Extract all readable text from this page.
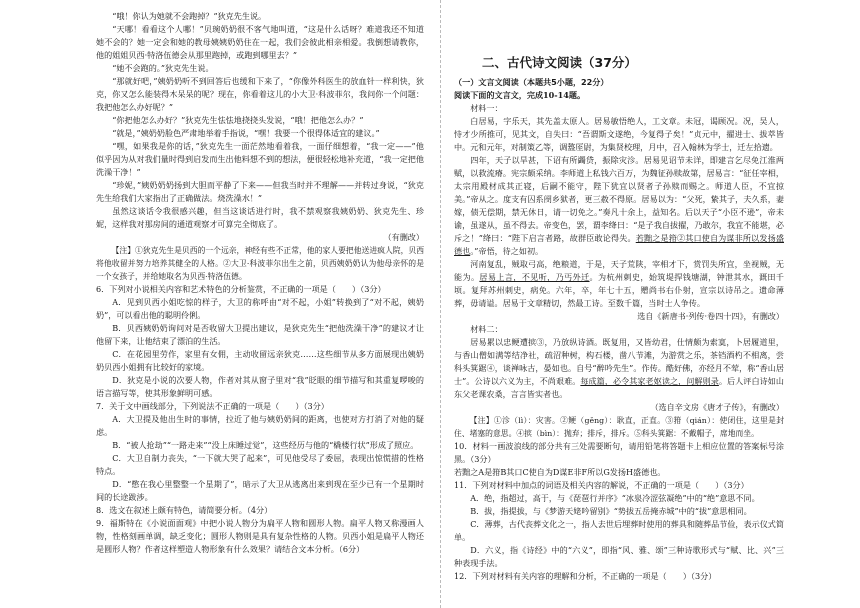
“哦！你认为她就不会跑掉？”狄克先生说。

“天哪！看看这个人哪！”贝琬奶奶很不客气地叫道，“这是什么话呀？难道我还不知道她不会的？她一定会和她的教母姨姨奶奶住在一起，我们会彼此相亲相爱。我倒想请教你，他的姐姐贝西·特洛伍德会从那里跑掉，或跑到哪里去？”

“她不会跑的。”狄克先生说。

“那就好吧，”姨奶奶听不到回答后也缓和下来了，“你像外科医生的放血针一样利快，狄克，你又怎么能装得木呆呆的呢？现在，你看着这儿的小大卫·科波菲尔，我问你一个问题：我把他怎么办好呢？”

“你把他怎么办好？”狄克先生怯怯地挠挠头发说，“哦！把他怎么办？”

“就是，”姨奶奶脸色严肃地举着手指说，“嘿！我要一个很得体适宜的建议。”

“嘿，如果我是你的话，”狄克先生一面茫然地看着我，一面仔细想着，“我一定——”他似乎因为从对我们量时得到启发而生出他料想不到的想法，便很轻松地补充道，“我一定把他洗澡干净！”

“珍妮，”姨奶奶奶扬到大胆而平静了下来——但我当时并不理解——并转过身说，“狄克先生给我们大家指出了正确做法。烧洗澡水！”

虽然这谈话令我很感兴趣，但当这谈话进行时，我不禁观察我姨奶奶、狄克先生、珍妮，这样我对那房间的通道观察才可算完全彻底了。

（有删改）

【注】①狄克先生是贝西的一个远亲，神经有些不正常，他的家人要把他送进疯人院，贝西将他收留并努力培养其健全的人格。②大卫·科波菲尔出生之前，贝西姨奶奶认为他母亲怀的是一个女孩子，并给她取名为贝西·特洛伍德。

6．下列对小说相关内容和艺术特色的分析鉴赏，不正确的一项是（　　）（3分）

A．见到贝西小姐吃惊的样子，大卫的称呼由“对不起，小姐”转换到了“对不起，姨奶奶”，可以看出他的聪明伶俐。

B．贝西姨奶奶询问对是否收留大卫提出建议，是狄克先生“把他洗澡干净”的建议才让他留下来，让他结束了漂泊的生活。

C．在花园里劳作，家里有女佣，主动收留远亲狄克……这些细节从多方面展现出姨奶奶贝西小姐拥有比较好的家境。

D．狄克是小说的次要人物，作者对其从窗子里对“我”眨眼的细节描写和其重复啰唆的语言描写等，使其形象鲜明可感。

7．关于文中画线部分，下列说法不正确的一项是（　　）（3分）

A．大卫提及他出生时的事情，拉近了他与姨奶奶间的距离，也使对方打消了对他的疑虑。

B．“被人抢劫”“一路走来”“没上床睡过觉”，这些经历与他的“橇楼行状”形成了照应。

C．大卫自制力丧失，“一下就大哭了起来”，可见他受尽了委屈，表现出惊慌措的性格特点。

D．“憋在我心里整整一个星期了”，暗示了大卫从逃离出来到现在至少已有一个星期时间的长途跋涉。

8．选文在叙述上颇有特色，请简要分析。（4分）

9．福斯特在《小说面面观》中把小说人物分为扁平人物和圆形人物。扁平人物又称漫画人物，性格刻画单调，缺乏变化；圆形人物则是具有复杂性格的人物。贝西小姐是扁平人物还是圆形人物？作者这样塑造人物形象有什么效果？请结合文本分析。（6分）

二、古代诗文阅读（37分）

（一）文言文阅读（本题共5小题，22分）

阅读下面的文言文，完成10-14题。

材料一：

白居易，字乐天，其先盖太原人。居易敏悟绝人，工文章。未冠，谒顾况。况，吴人，恃才少所推可，见其文，自失曰：“吾谓斯文遂绝，今复得子矣！”贞元中，擢进士、拔萃皆中。元和元年，对制策乙等，调盩厔尉，为集贤校理，月中，召入翰林为学士，迁左拾遗。

四年，天子以旱甚，下诏有所蠲贷，振除灾沴。居易见诏节未详，即建言乞尽免江淮两赋，以救流瘠。宪宗颇采纳。李师道上私钱六百万，为魏征孙赎故第，居易言：“征任宰相，太宗用殿材成其正寝，后嗣不能守，陛下犹宜以贤者子孙赎而赐之。师道人臣，不宜掠美。”帝从之。度支有囚系阌乡狱者，更三赦不得原。居易以为：“父死，絷其子，夫久系，妻嫁，债无偿期，禁无休日，请一切免之。”奏凡十余上，益知名。后以天子“小臣不逊”，帝未谕，虽遂从，虽不得去。帝变色，罢，谓李绛曰：“是子我自拔擢，乃敢尔，我宜不能堪，必斥之！”绛曰：“陛下启言者路，故群臣敢论得失。若黜之是箝②其口使自为谋非所以发扬盛德也。”帝悟，待之如初。

河南复乱，贼取弓高，绝粮道，于是，天子荒陕，宰相才下，赏罚失所宜，坐视贼，无能为。居易上言，不见听，乃丐外迁。为杭州刺史，始筑堤捍钱塘湖，钟泄其水，溉田千顷。复拜苏州刺史，病免。六年，卒，年七十五，赠尚书右仆射，宣宗以诗吊之。遗命薄葬，毋请谥。居易于文章精切，然最工诗。至数千篇，当时士人争传。

选自《新唐书·列传·卷四十四》，有删改）

材料二：

居易累以忠鲠遭摈③，乃放纵诗酒。既复用，又皆幼君，仕情颇为索寞，卜居履道里，与香山僧如满等结净社，疏沼种树，构石楼，凿八节滩，为游赏之乐，茶铛酒杓不相离，尝科头箕踞④，谈禅咏古，晏如也。自号“醉吟先生”。作传。酷好佛，亦经月不荤，称“香山居士”。公诗以六义为主，不尚艰难。每成篇，必令其家老妪读之，问解则录。后人评白诗如山东父老课农桑，言言皆实者也。

（选自辛文房《唐才子传》，有删改）

【注】①沴（lì）：灾害。②鲠（gěng）：耿直，正直。③箝（qián）：使闭住，这里是封住、堵塞的意思。④摈（bìn）：抛弃；排斥，排斥。⑤科头箕踞：不戴帽子，席地而坐。

10．材料一画波浪线的部分共有三处需要断句，请用铅笔将答题卡上相应位置的答案标号涂黑。（3分）

若黜之A是箝B其口C使自为D谋E非F所以G发扬H盛德也。

11．下列对材料中加点的词语及相关内容的解说，不正确的一项是（　　）（3分）

A．绝，指超过，高于，与《琵琶行并序》“冰泉冷涩弦凝绝”中的“绝”意思不同。

B．拔，指提拔，与《梦游天姥吟留别》“势拔五岳掩赤城”中的“拔”意思相同。

C．薄葬，古代丧葬文化之一，指人去世后埋葬时使用的葬具和随葬品节俭，表示仪式简单。

D．六义，指《诗经》中的“六义”，即指“风、雅、颂”三种诗歌形式与“赋、比、兴”三种表现手法。

12．下列对材料有关内容的理解和分析，不正确的一项是（　　）（3分）
